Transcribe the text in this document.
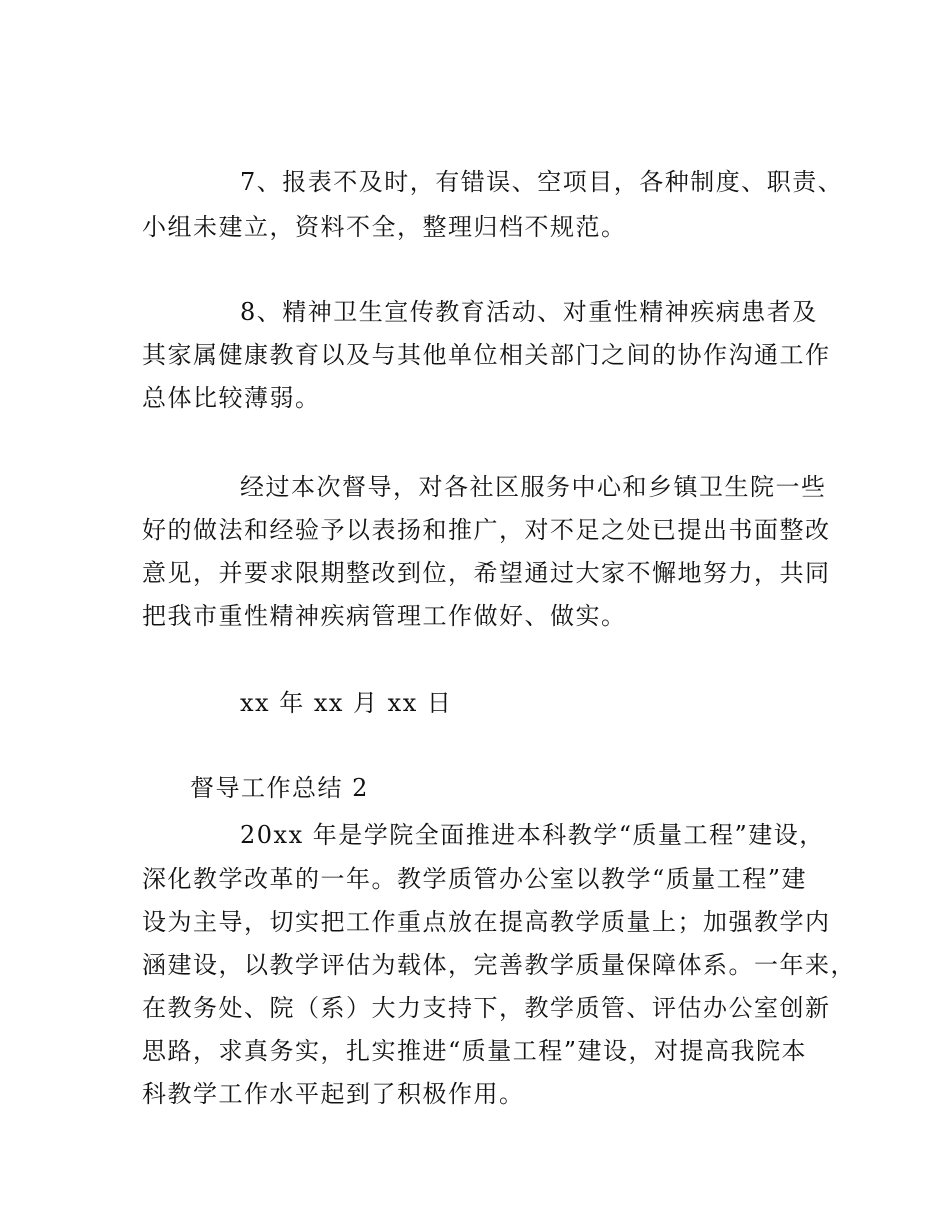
7、报表不及时，有错误、空项目，各种制度、职责、
小组未建立，资料不全，整理归档不规范。
8、精神卫生宣传教育活动、对重性精神疾病患者及
其家属健康教育以及与其他单位相关部门之间的协作沟通工作
总体比较薄弱。
经过本次督导，对各社区服务中心和乡镇卫生院一些
好的做法和经验予以表扬和推广，对不足之处已提出书面整改
意见，并要求限期整改到位，希望通过大家不懈地努力，共同
把我市重性精神疾病管理工作做好、做实。
xx 年 xx 月 xx 日
督导工作总结 2
20xx 年是学院全面推进本科教学“质量工程”建设，
深化教学改革的一年。教学质管办公室以教学“质量工程”建
设为主导，切实把工作重点放在提高教学质量上；加强教学内
涵建设，以教学评估为载体，完善教学质量保障体系。一年来，
在教务处、院（系）大力支持下，教学质管、评估办公室创新
思路，求真务实，扎实推进“质量工程”建设，对提高我院本
科教学工作水平起到了积极作用。
